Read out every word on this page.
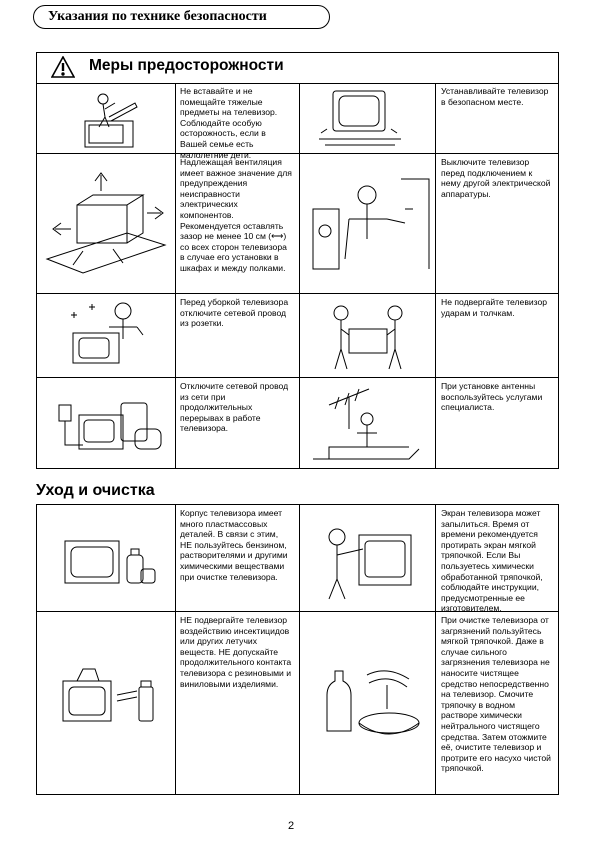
Указания по технике безопасности
Меры предосторожности
Не вставайте и не помещайте тяжелые предметы на телевизор. Соблюдайте особую осторожность, если в Вашей семье есть малолетние дети.
Устанавливайте телевизор в безопасном месте.
Надлежащая вентиляция имеет важное значение для предупреждения неисправности электрических компонентов. Рекомендуется оставлять зазор не менее 10 см (⟷) со всех сторон телевизора в случае его установки в шкафах и между полками.
Выключите телевизор перед подключением к нему другой электрической аппаратуры.
Перед уборкой телевизора отключите сетевой провод из розетки.
Не подвергайте телевизор ударам и толчкам.
Отключите сетевой провод из сети при продолжительных перерывах в работе телевизора.
При установке антенны воспользуйтесь услугами специалиста.
Уход и очистка
Корпус телевизора имеет много пластмассовых деталей. В связи с этим, НЕ пользуйтесь бензином, растворителями и другими химическими веществами при очистке телевизора.
Экран телевизора может запылиться. Время от времени рекомендуется протирать экран мягкой тряпочкой. Если Вы пользуетесь химически обработанной тряпочкой, соблюдайте инструкции, предусмотренные ее изготовителем.
НЕ подвергайте телевизор воздействию инсектицидов или других летучих веществ. НЕ допускайте продолжительного контакта телевизора с резиновыми и виниловыми изделиями.
При очистке телевизора от загрязнений пользуйтесь мягкой тряпочкой. Даже в случае сильного загрязнения телевизора не наносите чистящее средство непосредственно на телевизор. Смочите тряпочку в водном растворе химически нейтрального чистящего средства. Затем отожмите её, очистите телевизор и протрите его насухо чистой тряпочкой.
2
